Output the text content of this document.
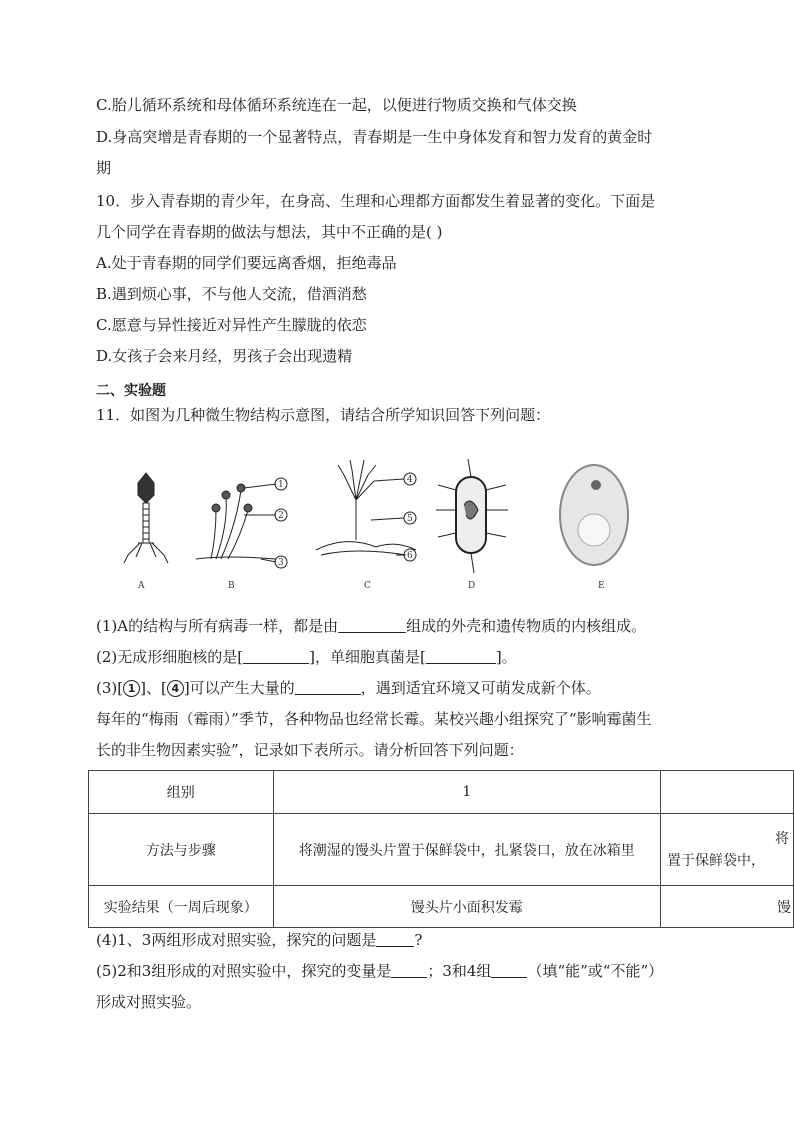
C.胎儿循环系统和母体循环系统连在一起，以便进行物质交换和气体交换
D.身高突增是青春期的一个显著特点，青春期是一生中身体发育和智力发育的黄金时
期
10．步入青春期的青少年，在身高、生理和心理都方面都发生着显著的变化。下面是
几个同学在青春期的做法与想法，其中不正确的是( )
A.处于青春期的同学们要远离香烟，拒绝毒品
B.遇到烦心事，不与他人交流，借酒消愁
C.愿意与异性接近对异性产生朦胧的依恋
D.女孩子会来月经，男孩子会出现遗精
二、实验题
11．如图为几种微生物结构示意图，请结合所学知识回答下列问题：
1
2
3
4
5
6
A	B	C	D	E
(1)A的结构与所有病毒一样，都是由	组成的外壳和遗传物质的内核组成。
(2)无成形细胞核的是[	]，单细胞真菌是[	]。
(3)[ 1 ]、[ 4 ]可以产生大量的	，遇到适宜环境又可萌发成新个体。
每年的“梅雨（霉雨）”季节，各种物品也经常长霉。某校兴趣小组探究了“影响霉菌生
长的非生物因素实验”，记录如下表所示。请分析回答下列问题：
组别	1	
方法与步骤	将潮湿的馒头片置于保鲜袋中，扎紧袋口，放在冰箱里	将
置于保鲜袋中，

实验结果（一周后现象）	馒头片小面积发霉	馒
(4)1、3两组形成对照实验，探究的问题是	?
(5)2和3组形成的对照实验中，探究的变量是 ；3和4组 （填“能”或“不能”）
形成对照实验。
